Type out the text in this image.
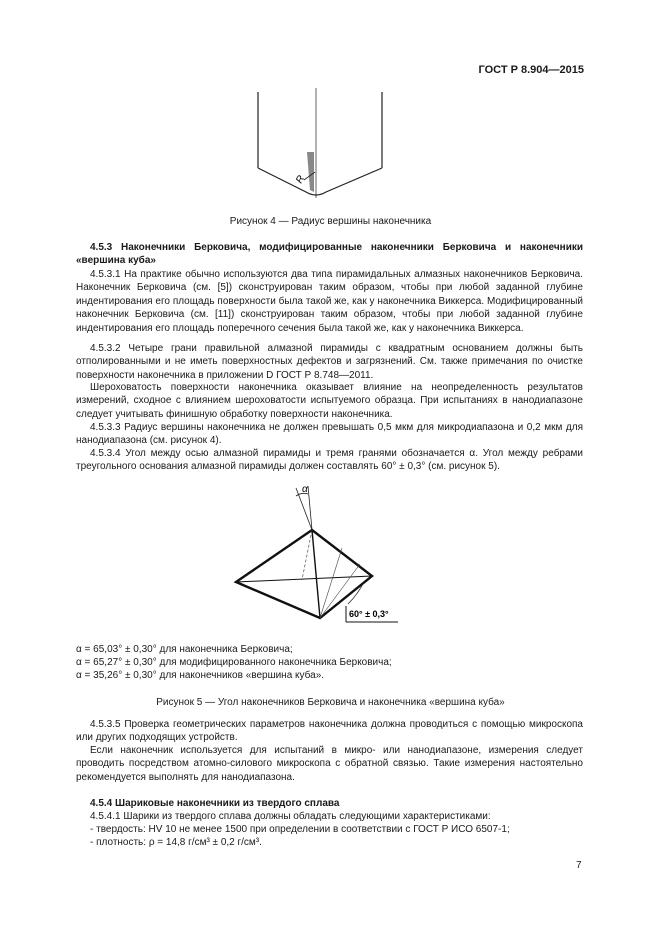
ГОСТ Р 8.904—2015
R
Рисунок 4 — Радиус вершины наконечника

4.5.3 Наконечники Берковича, модифицированные наконечники Берковича и наконечники «вершина куба»

4.5.3.1 На практике обычно используются два типа пирамидальных алмазных наконечников Берковича. Наконечник Берковича (см. [5]) сконструирован таким образом, чтобы при любой заданной глубине индентирования его площадь поверхности была такой же, как у наконечника Виккерса. Модифицированный наконечник Берковича (см. [11]) сконструирован таким образом, чтобы при любой заданной глубине индентирования его площадь поперечного сечения была такой же, как у наконечника Виккерса.

4.5.3.2 Четыре грани правильной алмазной пирамиды с квадратным основанием должны быть отполированными и не иметь поверхностных дефектов и загрязнений. См. также примечания по очистке поверхности наконечника в приложении D ГОСТ Р 8.748—2011.

Шероховатость поверхности наконечника оказывает влияние на неопределенность результатов измерений, сходное с влиянием шероховатости испытуемого образца. При испытаниях в нанодиапазоне следует учитывать финишную обработку поверхности наконечника.

4.5.3.3 Радиус вершины наконечника не должен превышать 0,5 мкм для микродиапазона и 0,2 мкм для нанодиапазона (см. рисунок 4).

4.5.3.4 Угол между осью алмазной пирамиды и тремя гранями обозначается α. Угол между ребрами треугольного основания алмазной пирамиды должен составлять 60° ± 0,3° (см. рисунок 5).

α
60° ± 0,3°
α = 65,03° ± 0,30° для наконечника Берковича;
α = 65,27° ± 0,30° для модифицированного наконечника Берковича;
α = 35,26° ± 0,30° для наконечников «вершина куба».
Рисунок 5 — Угол наконечников Берковича и наконечника «вершина куба»

4.5.3.5 Проверка геометрических параметров наконечника должна проводиться с помощью микроскопа или других подходящих устройств.

Если наконечник используется для испытаний в микро- или нанодиапазоне, измерения следует проводить посредством атомно-силового микроскопа с обратной связью. Такие измерения настоятельно рекомендуется выполнять для нанодиапазона.

4.5.4 Шариковые наконечники из твердого сплава

4.5.4.1 Шарики из твердого сплава должны обладать следующими характеристиками:

- твердость: HV 10 не менее 1500 при определении в соответствии с ГОСТ Р ИСО 6507-1;

- плотность: ρ = 14,8 г/см³ ± 0,2 г/см³.

7
